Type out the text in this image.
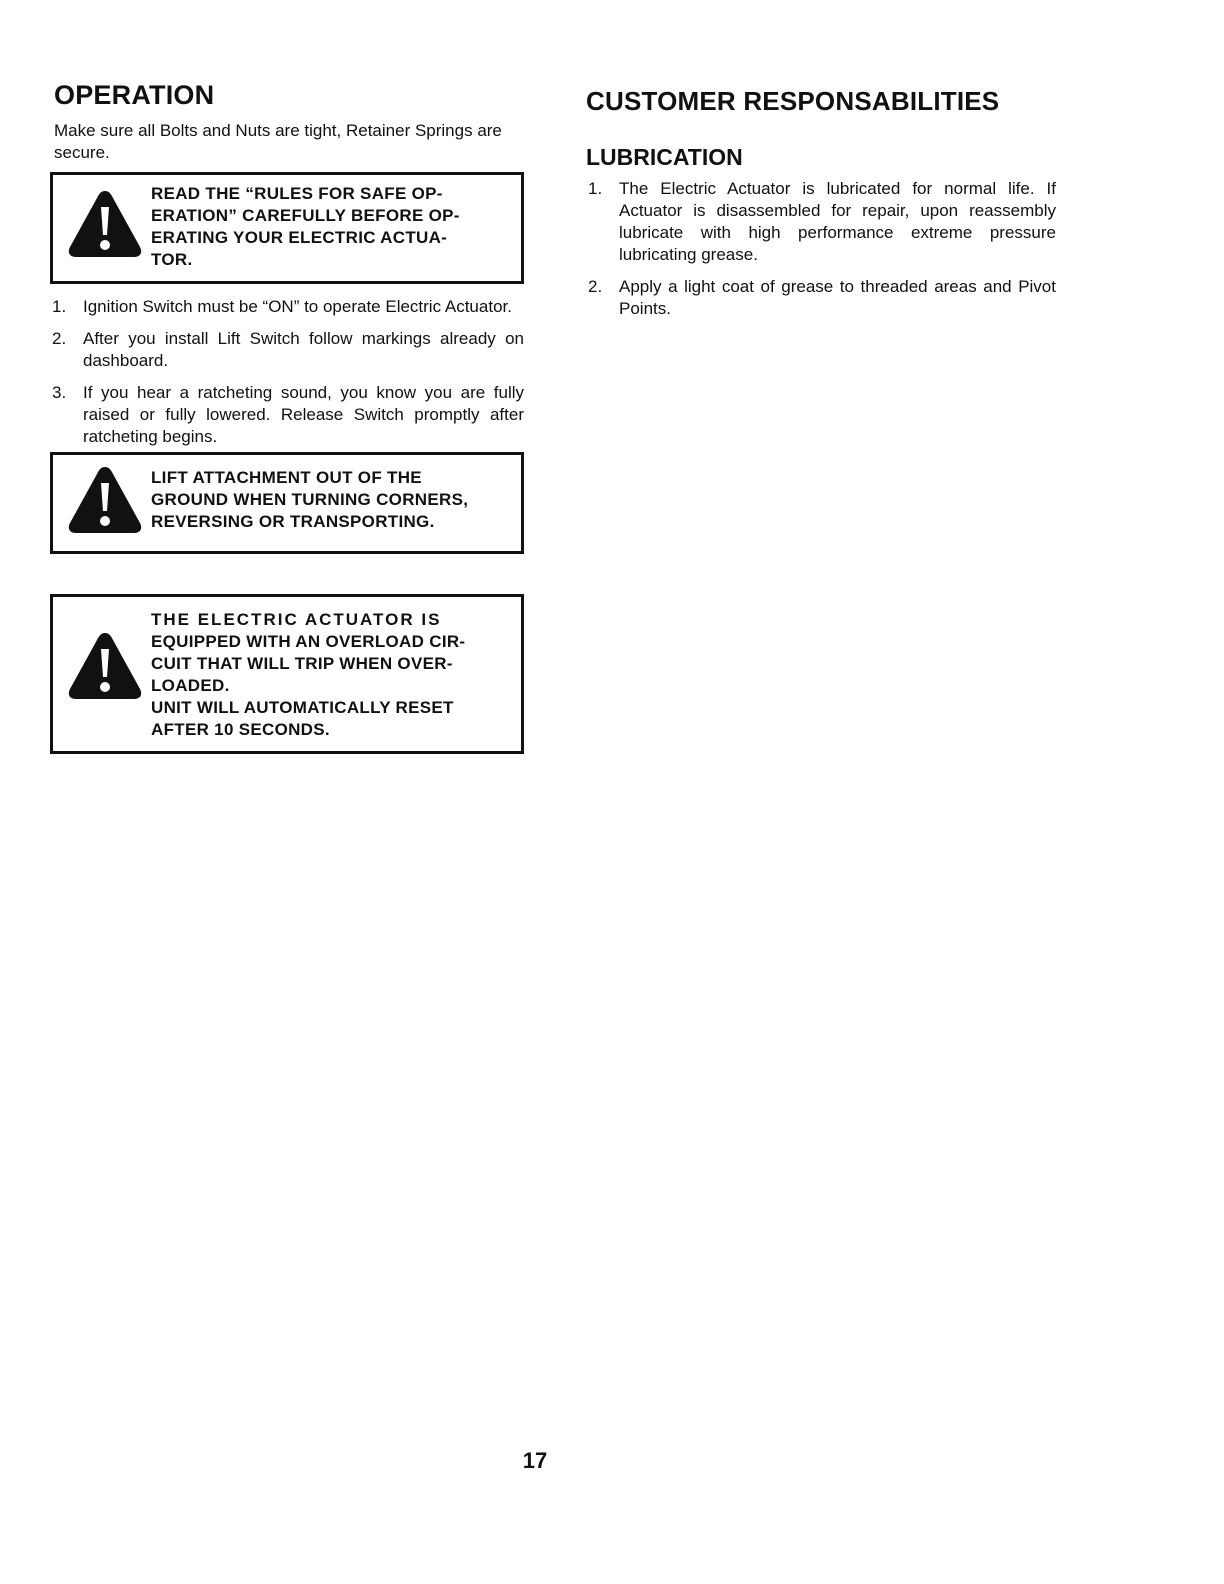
OPERATION

Make sure all Bolts and Nuts are tight, Retainer Springs are secure.

READ THE “RULES FOR SAFE OP-
ERATION” CAREFULLY BEFORE OP-
ERATING YOUR ELECTRIC ACTUA-
TOR.
1. Ignition Switch must be “ON” to operate Electric Actuator.
2. After you install Lift Switch follow markings already on dashboard.
3. If you hear a ratcheting sound, you know you are fully raised or fully lowered. Release Switch promptly after ratcheting begins.
LIFT ATTACHMENT OUT OF THE
GROUND WHEN TURNING CORNERS,
REVERSING OR TRANSPORTING.
THE ELECTRIC ACTUATOR IS
EQUIPPED WITH AN OVERLOAD CIR-
CUIT THAT WILL TRIP WHEN OVER-
LOADED.
UNIT WILL AUTOMATICALLY RESET
AFTER 10 SECONDS.
CUSTOMER RESPONSABILITIES
LUBRICATION
1. The Electric Actuator is lubricated for normal life. If Actuator is disassembled for repair, upon reassembly lubricate with high performance extreme pressure lubricating grease.
2. Apply a light coat of grease to threaded areas and Pivot Points.
17
